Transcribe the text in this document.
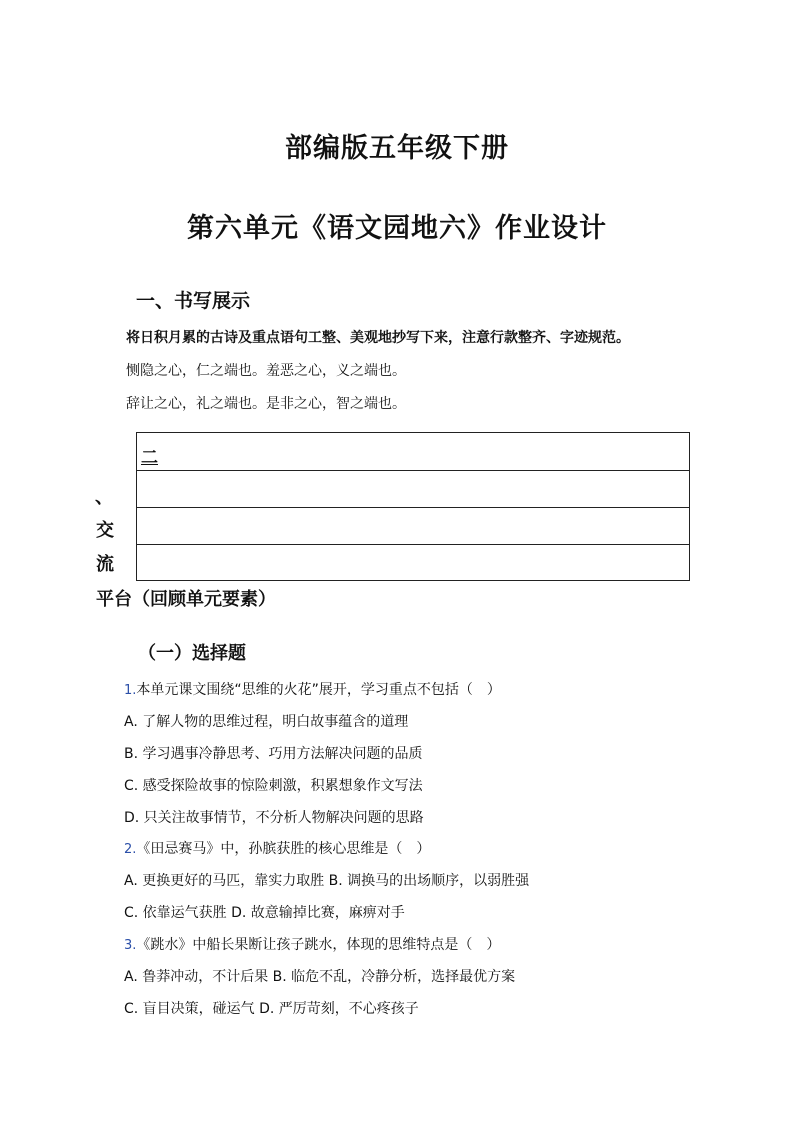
部编版五年级下册
第六单元《语文园地六》作业设计
一、书写展示
将日积月累的古诗及重点语句工整、美观地抄写下来，注意行款整齐、字迹规范。
恻隐之心，仁之端也。羞恶之心，义之端也。
辞让之心，礼之端也。是非之心，智之端也。
二
、
交
流
平台（回顾单元要素）
（一）选择题
1.本单元课文围绕“思维的火花”展开，学习重点不包括（　）
A. 了解人物的思维过程，明白故事蕴含的道理
B. 学习遇事冷静思考、巧用方法解决问题的品质
C. 感受探险故事的惊险刺激，积累想象作文写法
D. 只关注故事情节，不分析人物解决问题的思路
2.《田忌赛马》中，孙膑获胜的核心思维是（　）
A. 更换更好的马匹，靠实力取胜 B. 调换马的出场顺序，以弱胜强
C. 依靠运气获胜 D. 故意输掉比赛，麻痹对手
3.《跳水》中船长果断让孩子跳水，体现的思维特点是（　）
A. 鲁莽冲动，不计后果 B. 临危不乱，冷静分析，选择最优方案
C. 盲目决策，碰运气 D. 严厉苛刻，不心疼孩子
